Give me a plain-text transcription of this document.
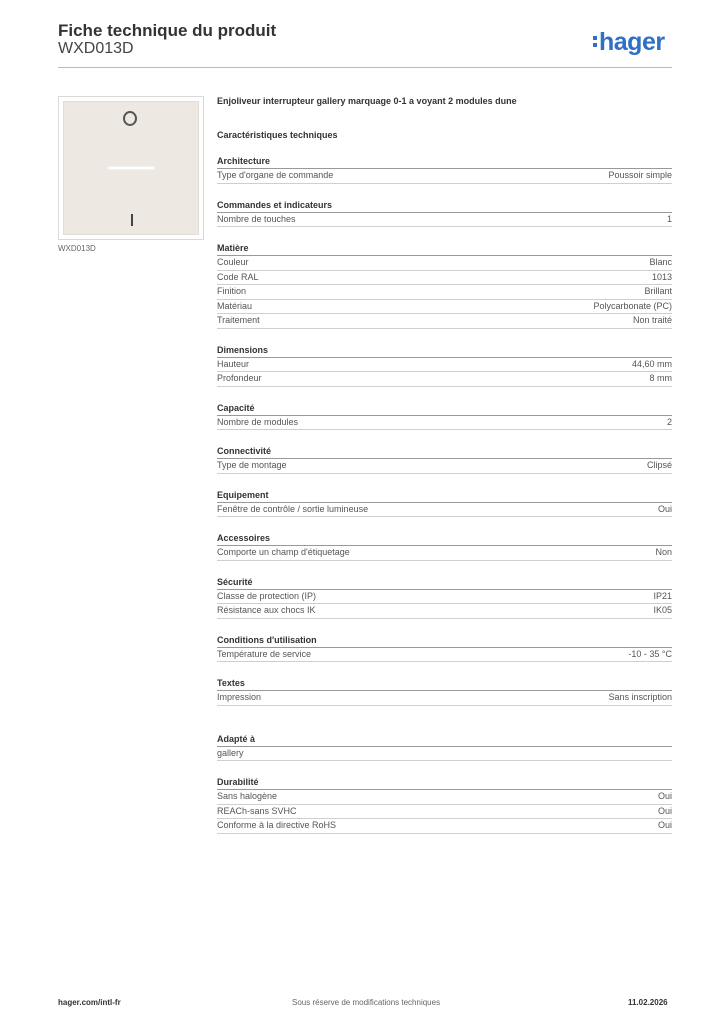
Fiche technique du produit
WXD013D	hager
WXD013D
Enjoliveur interrupteur gallery marquage 0-1 a voyant 2 modules dune
Caractéristiques techniques
Architecture
Type d'organe de commande	Poussoir simple
Commandes et indicateurs
Nombre de touches	1
Matière
Couleur	Blanc
Code RAL	1013
Finition	Brillant
Matériau	Polycarbonate (PC)
Traitement	Non traité
Dimensions
Hauteur	44,60 mm
Profondeur	8 mm
Capacité
Nombre de modules	2
Connectivité
Type de montage	Clipsé
Equipement
Fenêtre de contrôle / sortie lumineuse	Oui
Accessoires
Comporte un champ d'étiquetage	Non
Sécurité
Classe de protection (IP)	IP21
Résistance aux chocs IK	IK05
Conditions d'utilisation
Température de service	-10 - 35 °C
Textes
Impression	Sans inscription
Adapté à
gallery
Durabilité
Sans halogène	Oui
REACh-sans SVHC	Oui
Conforme à la directive RoHS	Oui
hager.com/intl-fr	Sous réserve de modifications techniques	11.02.2026
